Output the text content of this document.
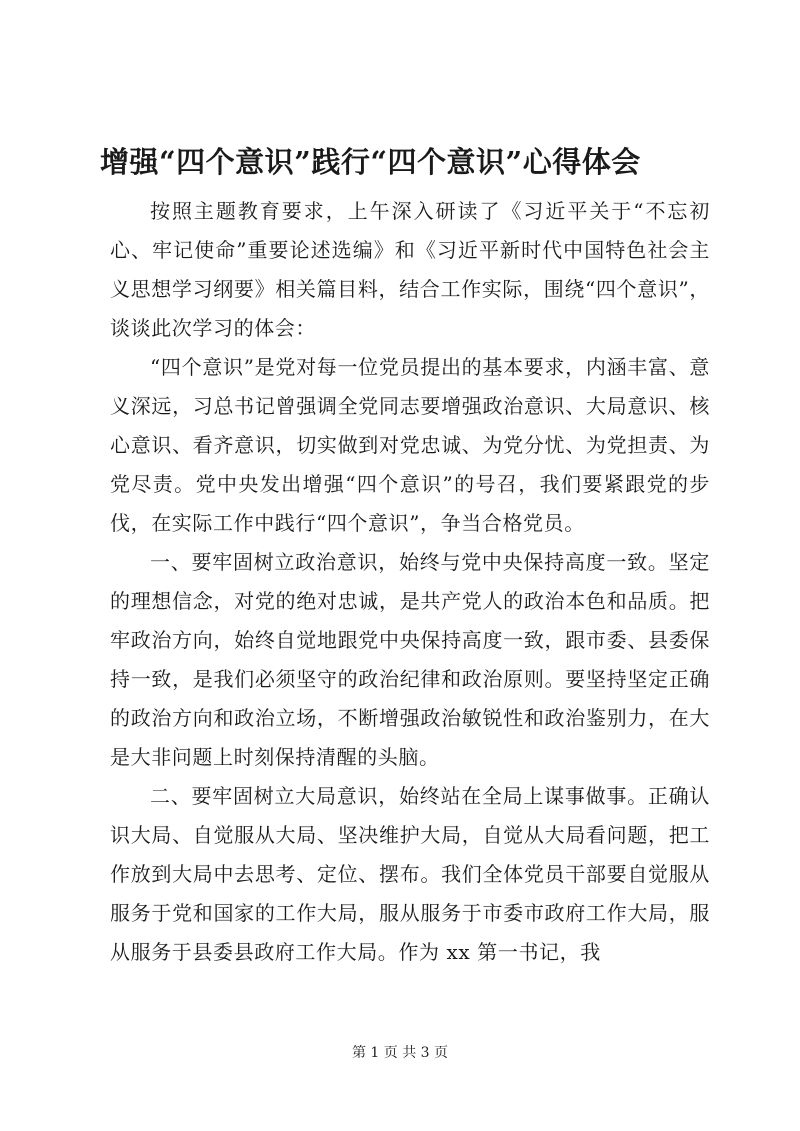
增强“四个意识”践行“四个意识”心得体会

按照主题教育要求，上午深入研读了《习近平关于“不忘初心、牢记使命”重要论述选编》和《习近平新时代中国特色社会主义思想学习纲要》相关篇目料，结合工作实际，围绕“四个意识”，谈谈此次学习的体会：

“四个意识”是党对每一位党员提出的基本要求，内涵丰富、意义深远，习总书记曾强调全党同志要增强政治意识、大局意识、核心意识、看齐意识，切实做到对党忠诚、为党分忧、为党担责、为党尽责。党中央发出增强“四个意识”的号召，我们要紧跟党的步伐，在实际工作中践行“四个意识”，争当合格党员。

一、要牢固树立政治意识，始终与党中央保持高度一致。坚定的理想信念，对党的绝对忠诚，是共产党人的政治本色和品质。把牢政治方向，始终自觉地跟党中央保持高度一致，跟市委、县委保持一致，是我们必须坚守的政治纪律和政治原则。要坚持坚定正确的政治方向和政治立场，不断增强政治敏锐性和政治鉴别力，在大是大非问题上时刻保持清醒的头脑。

二、要牢固树立大局意识，始终站在全局上谋事做事。正确认识大局、自觉服从大局、坚决维护大局，自觉从大局看问题，把工作放到大局中去思考、定位、摆布。我们全体党员干部要自觉服从服务于党和国家的工作大局，服从服务于市委市政府工作大局，服从服务于县委县政府工作大局。作为 xx 第一书记，我

第 1 页 共 3 页
